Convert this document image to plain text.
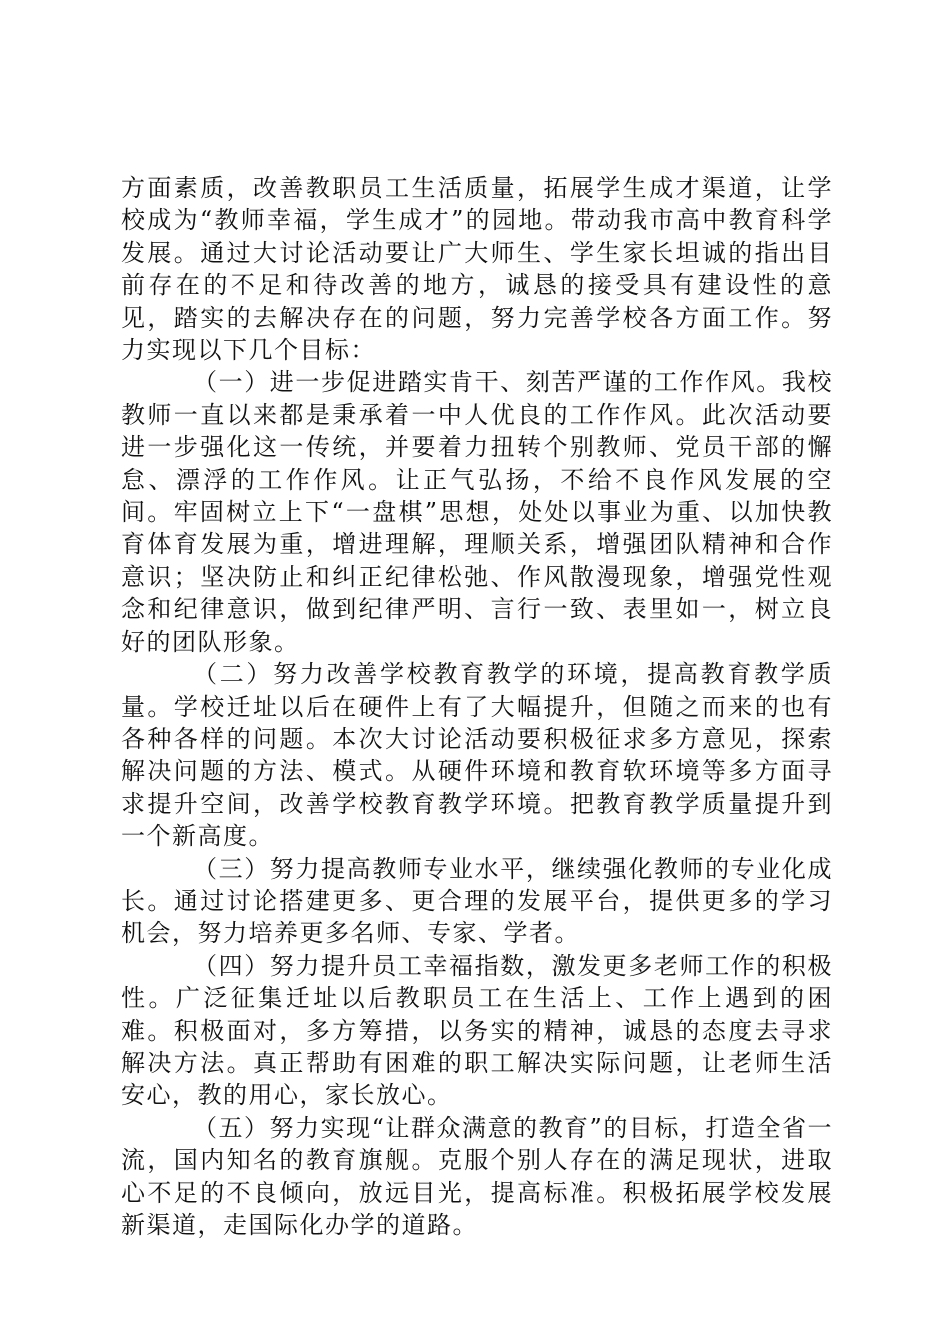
方面素质，改善教职员工生活质量，拓展学生成才渠道，让学校成为“教师幸福，学生成才”的园地。带动我市高中教育科学发展。通过大讨论活动要让广大师生、学生家长坦诚的指出目前存在的不足和待改善的地方，诚恳的接受具有建设性的意见，踏实的去解决存在的问题，努力完善学校各方面工作。努力实现以下几个目标：

（一）进一步促进踏实肯干、刻苦严谨的工作作风。我校教师一直以来都是秉承着一中人优良的工作作风。此次活动要进一步强化这一传统，并要着力扭转个别教师、党员干部的懈怠、漂浮的工作作风。让正气弘扬，不给不良作风发展的空间。牢固树立上下“一盘棋”思想，处处以事业为重、以加快教育体育发展为重，增进理解，理顺关系，增强团队精神和合作意识；坚决防止和纠正纪律松弛、作风散漫现象，增强党性观念和纪律意识，做到纪律严明、言行一致、表里如一，树立良好的团队形象。

（二）努力改善学校教育教学的环境，提高教育教学质量。学校迁址以后在硬件上有了大幅提升，但随之而来的也有各种各样的问题。本次大讨论活动要积极征求多方意见，探索解决问题的方法、模式。从硬件环境和教育软环境等多方面寻求提升空间，改善学校教育教学环境。把教育教学质量提升到一个新高度。

（三）努力提高教师专业水平，继续强化教师的专业化成长。通过讨论搭建更多、更合理的发展平台，提供更多的学习机会，努力培养更多名师、专家、学者。

（四）努力提升员工幸福指数，激发更多老师工作的积极性。广泛征集迁址以后教职员工在生活上、工作上遇到的困难。积极面对，多方筹措，以务实的精神，诚恳的态度去寻求解决方法。真正帮助有困难的职工解决实际问题，让老师生活安心，教的用心，家长放心。

（五）努力实现“让群众满意的教育”的目标，打造全省一流，国内知名的教育旗舰。克服个别人存在的满足现状，进取心不足的不良倾向，放远目光，提高标准。积极拓展学校发展新渠道，走国际化办学的道路。
